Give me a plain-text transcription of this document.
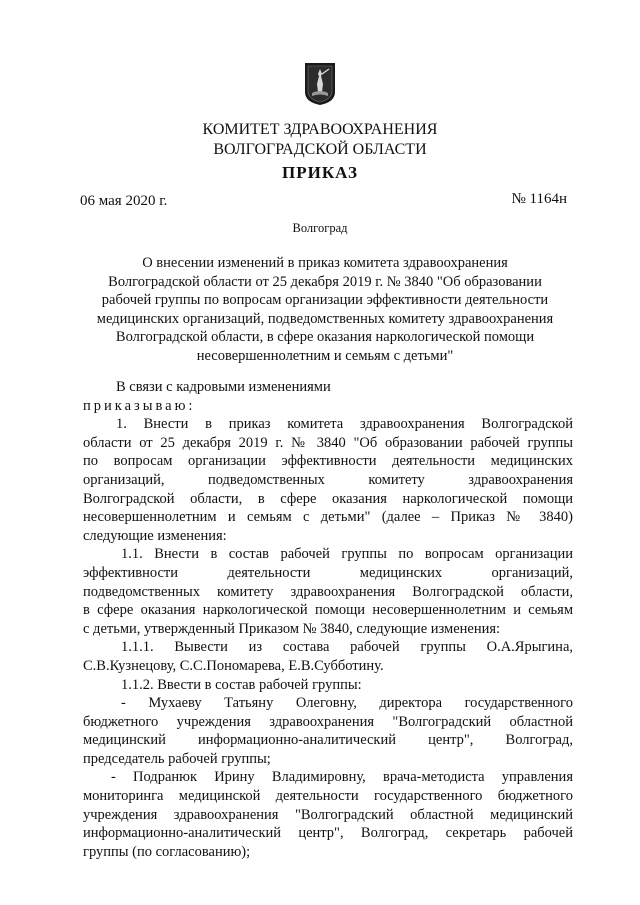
КОМИТЕТ ЗДРАВООХРАНЕНИЯ
ВОЛГОГРАДСКОЙ ОБЛАСТИ
ПРИКАЗ
06 мая 2020 г.	№ 1164н
Волгоград
О внесении изменений в приказ комитета здравоохранения
Волгоградской области от 25 декабря 2019 г. № 3840 "Об образовании
рабочей группы по вопросам организации эффективности деятельности
медицинских организаций, подведомственных комитету здравоохранения
Волгоградской области, в сфере оказания наркологической помощи
несовершеннолетним и семьям с детьми"

В связи с кадровыми изменениями

приказываю:

1. Внести в приказ комитета здравоохранения Волгоградской

области от 25 декабря 2019 г. № 3840 "Об образовании рабочей группы

по вопросам организации эффективности деятельности медицинских

организаций, подведомственных комитету здравоохранения

Волгоградской области, в сфере оказания наркологической помощи

несовершеннолетним и семьям с детьми" (далее – Приказ № 3840)

следующие изменения:

1.1. Внести в состав рабочей группы по вопросам организации

эффективности деятельности медицинских организаций,

подведомственных комитету здравоохранения Волгоградской области,

в сфере оказания наркологической помощи несовершеннолетним и семьям

с детьми, утвержденный Приказом № 3840, следующие изменения:

1.1.1. Вывести из состава рабочей группы О.А.Ярыгина,

С.В.Кузнецову, С.С.Пономарева, Е.В.Субботину.

1.1.2. Ввести в состав рабочей группы:

- Мухаеву Татьяну Олеговну, директора государственного

бюджетного учреждения здравоохранения "Волгоградский областной

медицинский информационно-аналитический центр", Волгоград,

председатель рабочей группы;

- Подранюк Ирину Владимировну, врача-методиста управления

мониторинга медицинской деятельности государственного бюджетного

учреждения здравоохранения "Волгоградский областной медицинский

информационно-аналитический центр", Волгоград, секретарь рабочей

группы (по согласованию);
